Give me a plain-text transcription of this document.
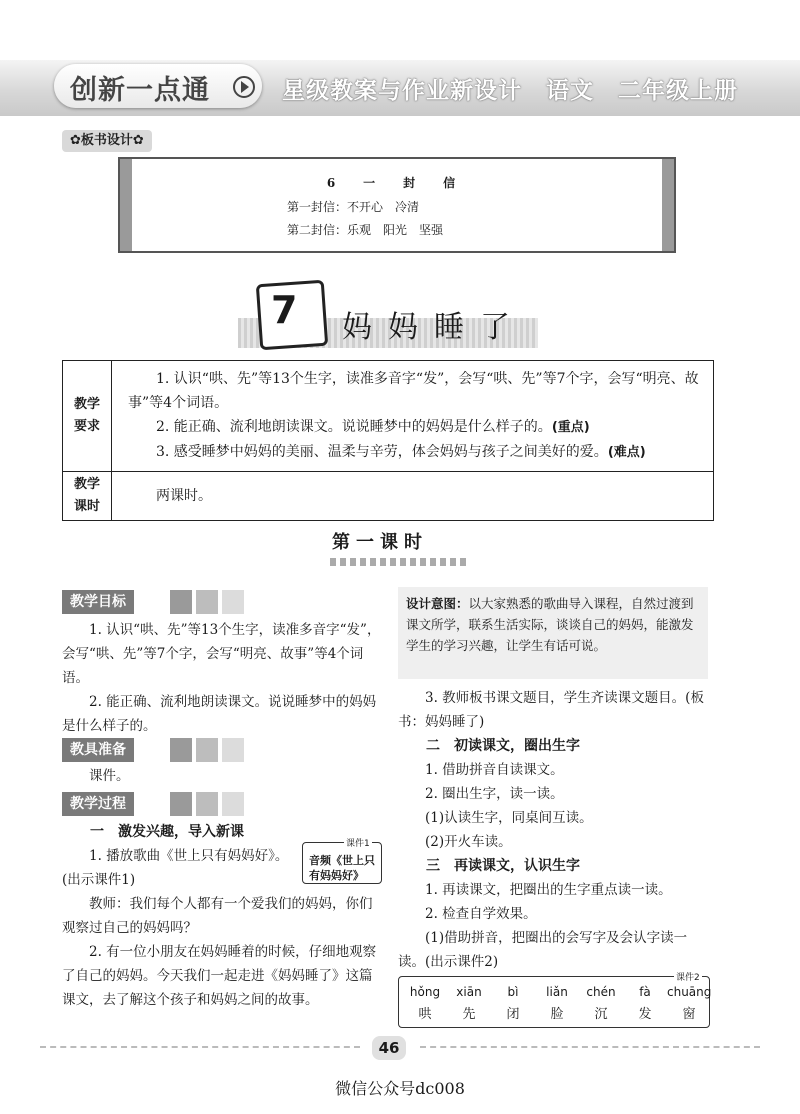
创新一点通	星级教案与作业新设计　语文　二年级上册
✿板书设计✿
6　一　封　信
第一封信：不开心　冷清
第二封信：乐观　阳光　坚强
7 妈妈睡了
教学要求	1. 认识“哄、先”等13个生字，读准多音字“发”，会写“哄、先”等7个字，会写“明亮、故事”等4个词语。

2. 能正确、流利地朗读课文。说说睡梦中的妈妈是什么样子的。(重点)

3. 感受睡梦中妈妈的美丽、温柔与辛劳，体会妈妈与孩子之间美好的爱。(难点)

教学课时	两课时。

第一课时
教学目标

1. 认识“哄、先”等13个生字，读准多音字“发”，会写“哄、先”等7个字，会写“明亮、故事”等4个词语。

2. 能正确、流利地朗读课文。说说睡梦中的妈妈是什么样子的。

教具准备

课件。

教学过程
一　激发兴趣，导入新课

1. 播放歌曲《世上只有妈妈好》。(出示课件1)

音频《世上只有妈妈好》
课件1

教师：我们每个人都有一个爱我们的妈妈，你们观察过自己的妈妈吗？

2. 有一位小朋友在妈妈睡着的时候，仔细地观察了自己的妈妈。今天我们一起走进《妈妈睡了》这篇课文，去了解这个孩子和妈妈之间的故事。

设计意图：以大家熟悉的歌曲导入课程，自然过渡到课文所学，联系生活实际，谈谈自己的妈妈，能激发学生的学习兴趣，让学生有话可说。

3. 教师板书课文题目，学生齐读课文题目。(板书：妈妈睡了)

二　初读课文，圈出生字

1. 借助拼音自读课文。

2. 圈出生字，读一读。

(1)认读生字，同桌间互读。

(2)开火车读。

三　再读课文，认识生字

1. 再读课文，把圈出的生字重点读一读。

2. 检查自学效果。

(1)借助拼音，把圈出的会写字及会认字读一读。(出示课件2)

hǒng	xiān	bì	liǎn	chén	fà	chuāng
哄	先	闭	脸	沉	发	窗
课件2
46
微信公众号dc008
